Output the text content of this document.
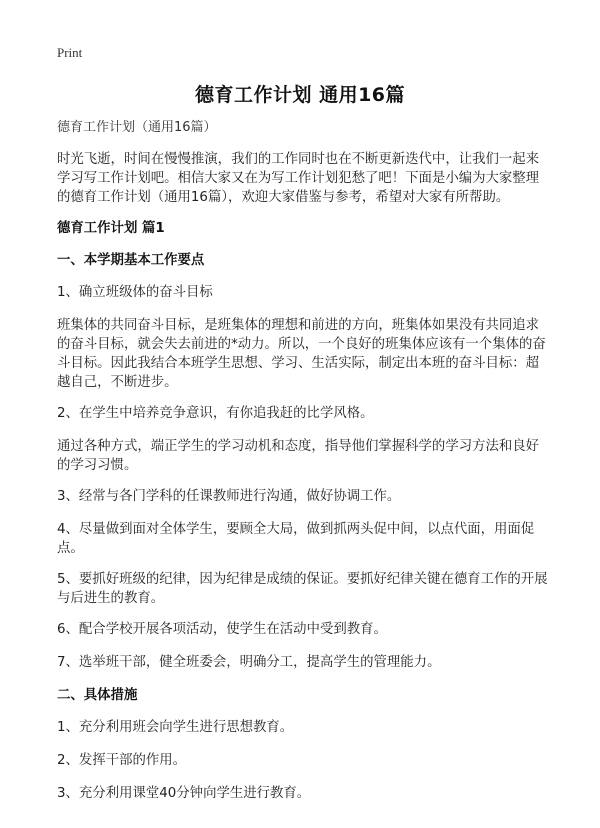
Print
德育工作计划 通用16篇

德育工作计划（通用16篇）

时光飞逝，时间在慢慢推演，我们的工作同时也在不断更新迭代中，让我们一起来学习写工作计划吧。相信大家又在为写工作计划犯愁了吧！下面是小编为大家整理的德育工作计划（通用16篇），欢迎大家借鉴与参考，希望对大家有所帮助。

德育工作计划 篇1

一、本学期基本工作要点

1、确立班级体的奋斗目标

班集体的共同奋斗目标，是班集体的理想和前进的方向，班集体如果没有共同追求的奋斗目标，就会失去前进的*动力。所以，一个良好的班集体应该有一个集体的奋斗目标。因此我结合本班学生思想、学习、生活实际，制定出本班的奋斗目标：超越自己，不断进步。

2、在学生中培养竞争意识，有你追我赶的比学风格。

通过各种方式，端正学生的学习动机和态度，指导他们掌握科学的学习方法和良好的学习习惯。

3、经常与各门学科的任课教师进行沟通，做好协调工作。

4、尽量做到面对全体学生，要顾全大局，做到抓两头促中间，以点代面，用面促点。

5、要抓好班级的纪律，因为纪律是成绩的保证。要抓好纪律关键在德育工作的开展与后进生的教育。

6、配合学校开展各项活动，使学生在活动中受到教育。

7、选举班干部，健全班委会，明确分工，提高学生的管理能力。

二、具体措施

1、充分利用班会向学生进行思想教育。

2、发挥干部的作用。

3、充分利用课堂40分钟向学生进行教育。
